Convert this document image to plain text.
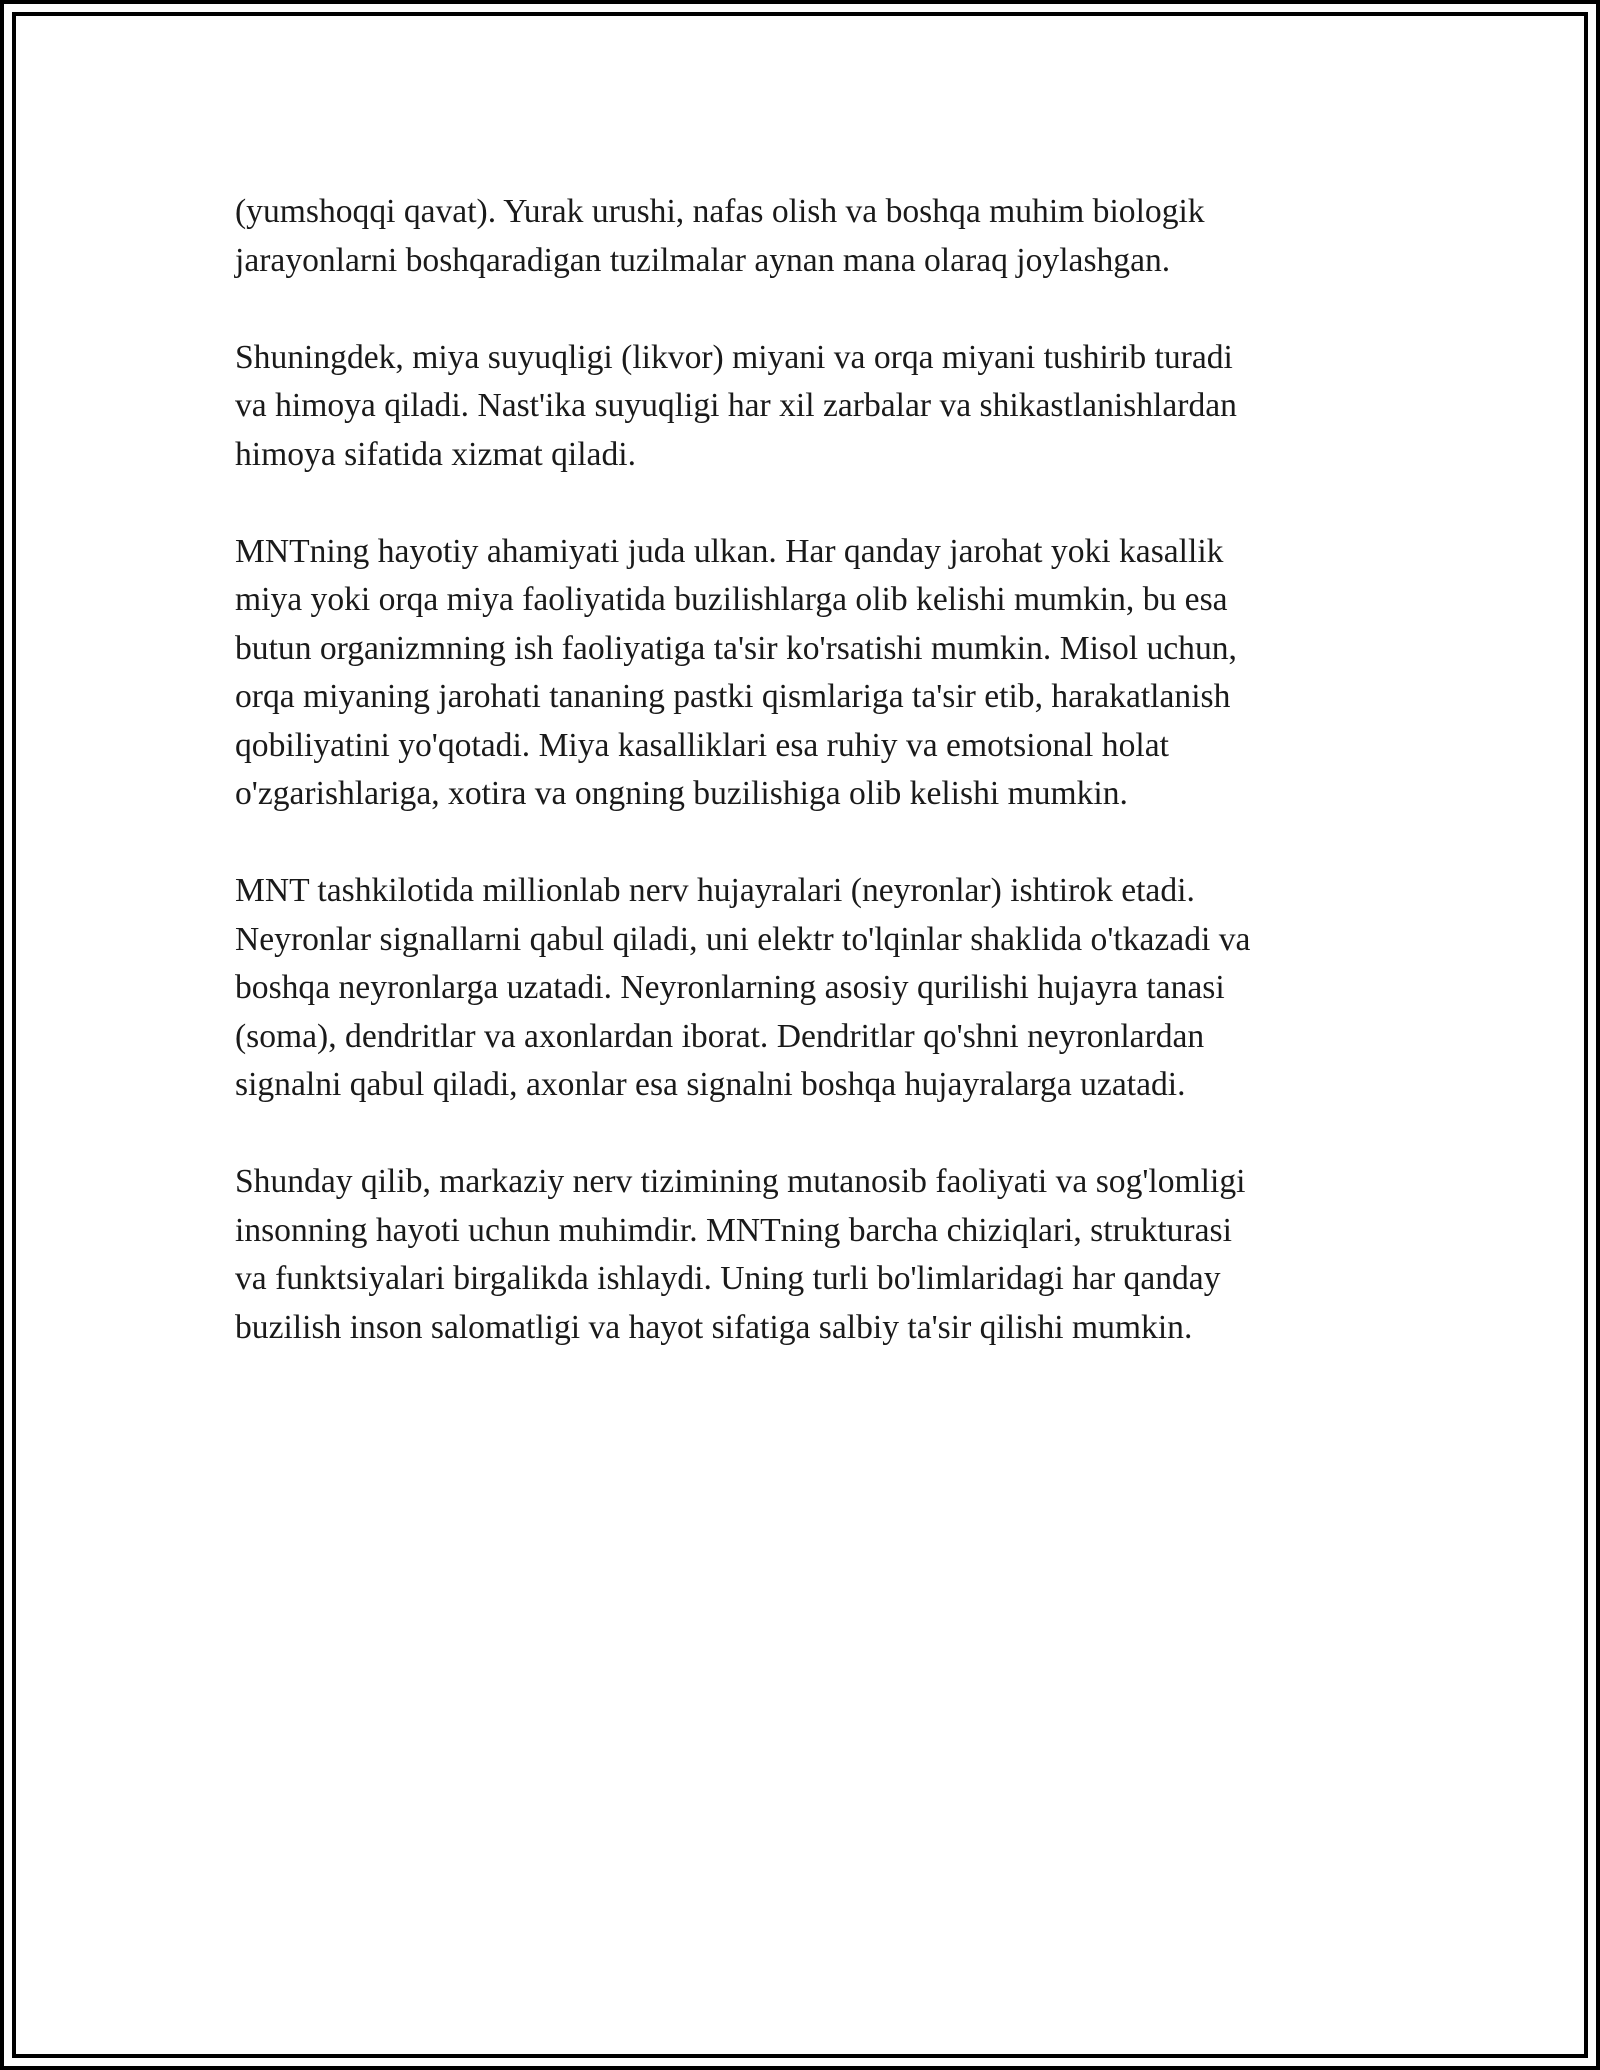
(yumshoqqi qavat). Yurak urushi, nafas olish va boshqa muhim biologik
jarayonlarni boshqaradigan tuzilmalar aynan mana olaraq joylashgan.

Shuningdek, miya suyuqligi (likvor) miyani va orqa miyani tushirib turadi
va himoya qiladi. Nast'ika suyuqligi har xil zarbalar va shikastlanishlardan
himoya sifatida xizmat qiladi.

MNTning hayotiy ahamiyati juda ulkan. Har qanday jarohat yoki kasallik
miya yoki orqa miya faoliyatida buzilishlarga olib kelishi mumkin, bu esa
butun organizmning ish faoliyatiga ta'sir ko'rsatishi mumkin. Misol uchun,
orqa miyaning jarohati tananing pastki qismlariga ta'sir etib, harakatlanish
qobiliyatini yo'qotadi. Miya kasalliklari esa ruhiy va emotsional holat
o'zgarishlariga, xotira va ongning buzilishiga olib kelishi mumkin.

MNT tashkilotida millionlab nerv hujayralari (neyronlar) ishtirok etadi.
Neyronlar signallarni qabul qiladi, uni elektr to'lqinlar shaklida o'tkazadi va
boshqa neyronlarga uzatadi. Neyronlarning asosiy qurilishi hujayra tanasi
(soma), dendritlar va axonlardan iborat. Dendritlar qo'shni neyronlardan
signalni qabul qiladi, axonlar esa signalni boshqa hujayralarga uzatadi.

Shunday qilib, markaziy nerv tizimining mutanosib faoliyati va sog'lomligi
insonning hayoti uchun muhimdir. MNTning barcha chiziqlari, strukturasi
va funktsiyalari birgalikda ishlaydi. Uning turli bo'limlaridagi har qanday
buzilish inson salomatligi va hayot sifatiga salbiy ta'sir qilishi mumkin.
